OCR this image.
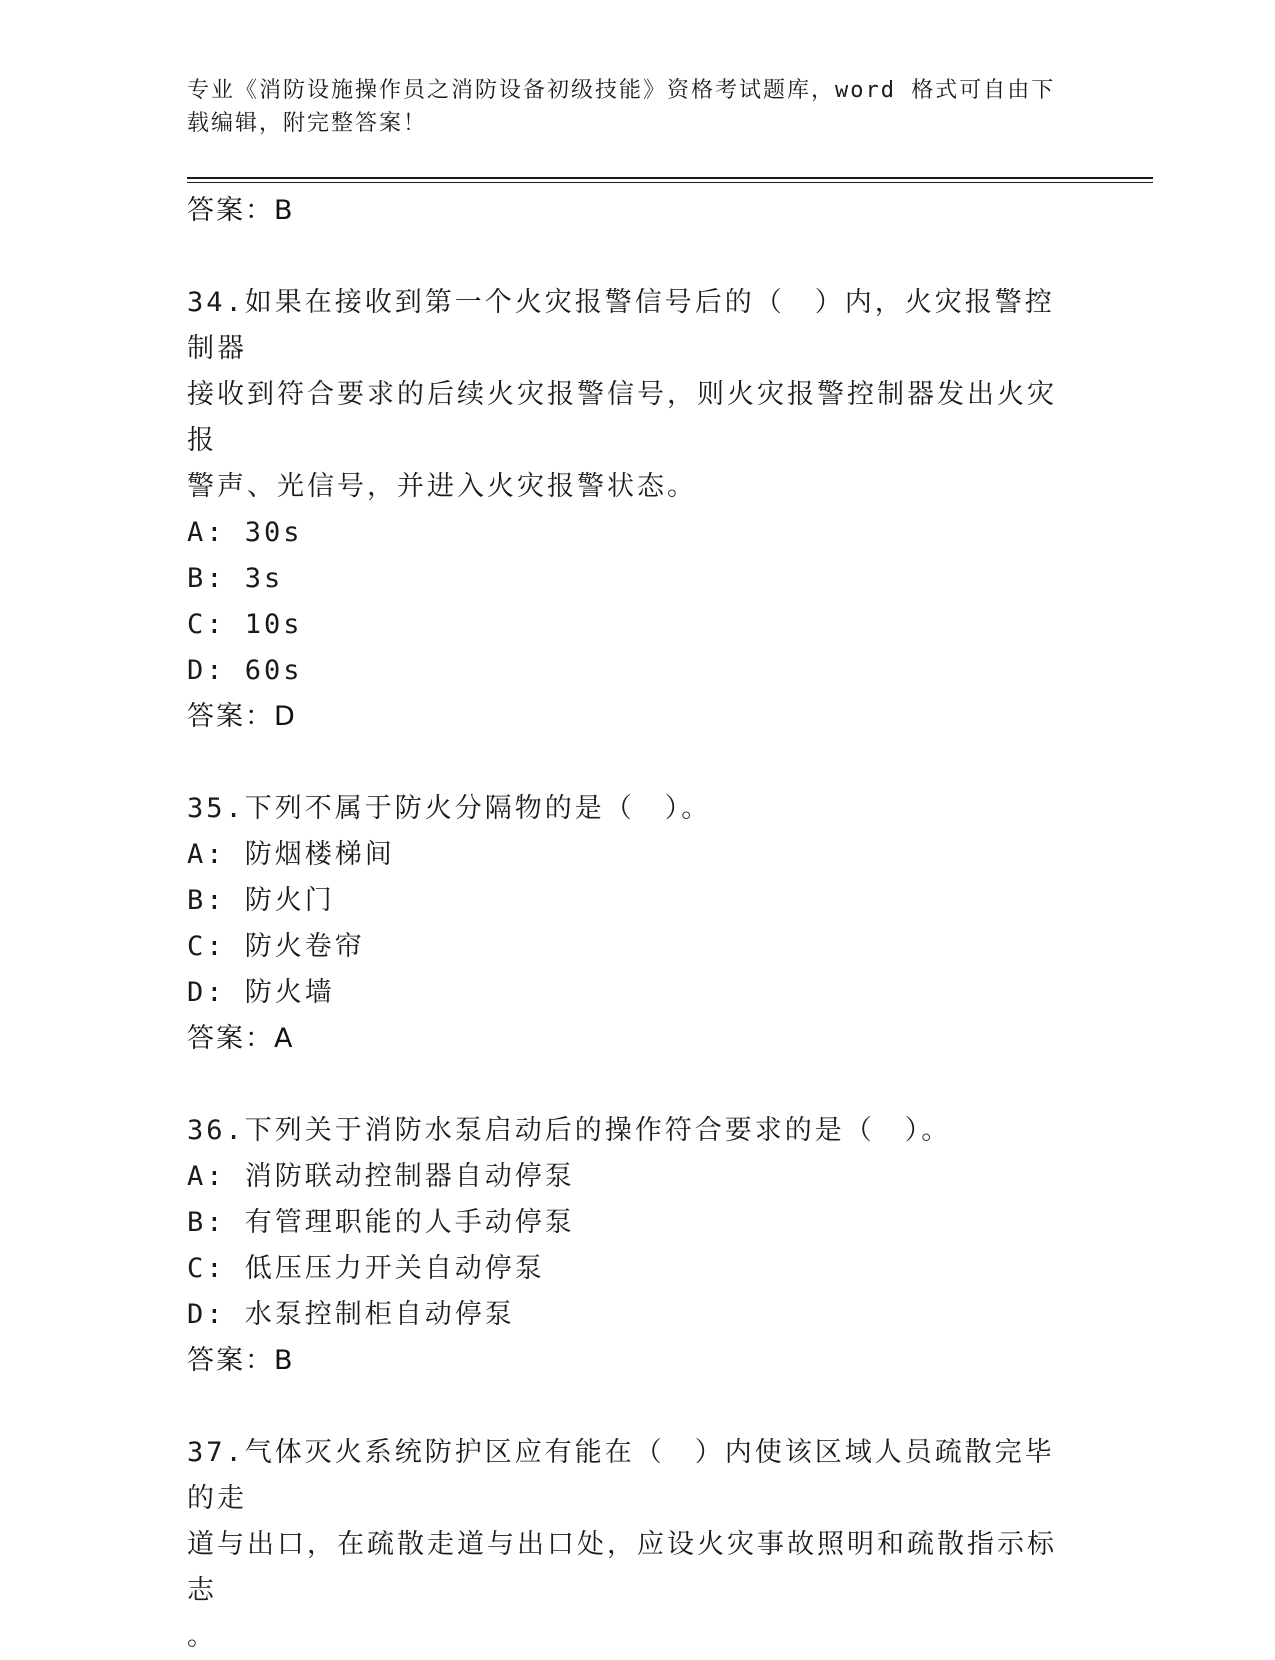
专业《消防设施操作员之消防设备初级技能》资格考试题库，word 格式可自由下
载编辑，附完整答案！
答案：B
34.如果在接收到第一个火灾报警信号后的（　）内，火灾报警控制器
接收到符合要求的后续火灾报警信号，则火灾报警控制器发出火灾报
警声、光信号，并进入火灾报警状态。
A: 30s
B: 3s
C: 10s
D: 60s
答案：D
35.下列不属于防火分隔物的是（　）。
A: 防烟楼梯间
B: 防火门
C: 防火卷帘
D: 防火墙
答案：A
36.下列关于消防水泵启动后的操作符合要求的是（　）。
A: 消防联动控制器自动停泵
B: 有管理职能的人手动停泵
C: 低压压力开关自动停泵
D: 水泵控制柜自动停泵
答案：B
37.气体灭火系统防护区应有能在（　）内使该区域人员疏散完毕的走
道与出口，在疏散走道与出口处，应设火灾事故照明和疏散指示标志
。
